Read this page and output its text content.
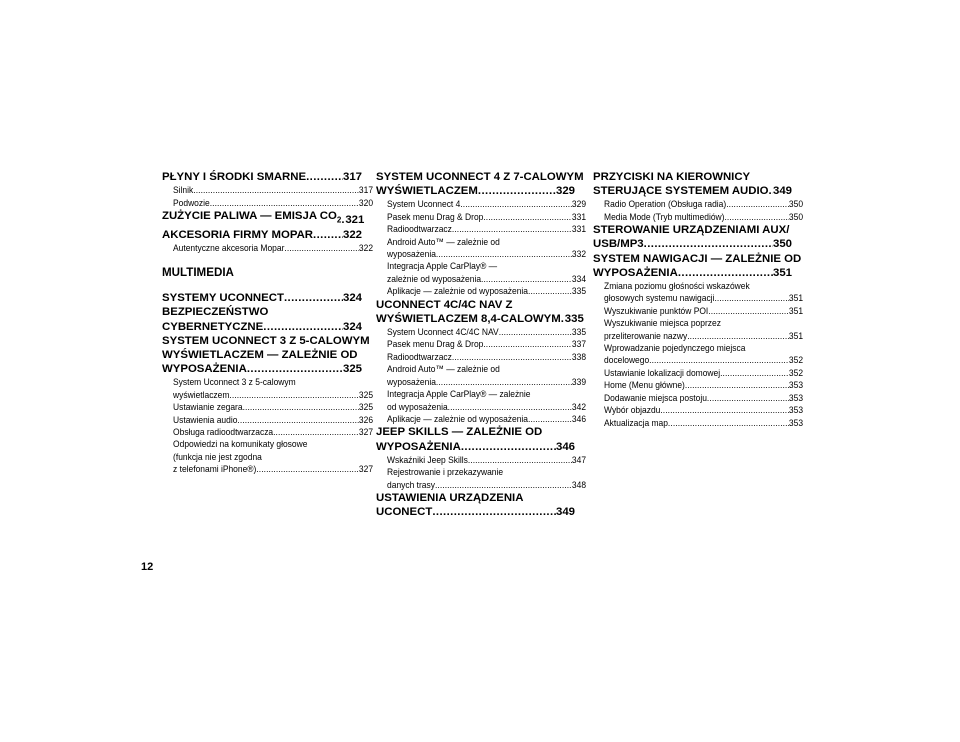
PŁYNY I ŚRODKI SMARNE .....	317
Silnik .....	317
Podwozie .....	320
ZUŻYCIE PALIWA — EMISJA $CO_2$ ..... 321
AKCESORIA FIRMY MOPAR .....	322
Autentyczne akcesoria Mopar .....	322
MULTIMEDIA
SYSTEMY UCONNECT .....	324
BEZPIECZEŃSTWO
CYBERNETYCZNE .....	324
SYSTEM UCONNECT 3 Z 5-CALOWYM
WYŚWIETLACZEM — ZALEŻNIE OD
WYPOSAŻENIA .....	325
System Uconnect 3 z 5-calowym
wyświetlaczem .....	325
Ustawianie zegara .....	325
Ustawienia audio .....	326
Obsługa radioodtwarzacza .....	327
Odpowiedzi na komunikaty głosowe
(funkcja nie jest zgodna
z telefonami iPhone®) .....	327
SYSTEM UCONNECT 4 Z 7-CALOWYM
WYŚWIETLACZEM .....	329
System Uconnect 4 .....	329
Pasek menu Drag & Drop .....	331
Radioodtwarzacz .....	331
Android Auto™ — zależnie od
wyposażenia .....	332
Integracja Apple CarPlay® —
zależnie od wyposażenia .....	334
Aplikacje — zależnie od wyposażenia .....	335
UCONNECT 4C/4C NAV Z
WYŚWIETLACZEM 8,4-CALOWYM ..... 335
System Uconnect 4C/4C NAV .....	335
Pasek menu Drag & Drop .....	337
Radioodtwarzacz .....	338
Android Auto™ — zależnie od
wyposażenia .....	339
Integracja Apple CarPlay® — zależnie
od wyposażenia .....	342
Aplikacje — zależnie od wyposażenia .....	346
JEEP SKILLS — ZALEŻNIE OD
WYPOSAŻENIA .....	346
Wskaźniki Jeep Skills .....	347
Rejestrowanie i przekazywanie
danych trasy .....	348
USTAWIENIA URZĄDZENIA
UCONECT .....	349
PRZYCISKI NA KIEROWNICY
STERUJĄCE SYSTEMEM AUDIO ..... 349
Radio Operation (Obsługa radia) .....	350
Media Mode (Tryb multimediów) .....	350
STEROWANIE URZĄDZENIAMI AUX/
USB/MP3 .....	350
SYSTEM NAWIGACJI — ZALEŻNIE OD
WYPOSAŻENIA .....	351
Zmiana poziomu głośności wskazówek
głosowych systemu nawigacji .....	351
Wyszukiwanie punktów POI .....	351
Wyszukiwanie miejsca poprzez
przeliterowanie nazwy .....	351
Wprowadzanie pojedynczego miejsca
docelowego .....	352
Ustawianie lokalizacji domowej .....	352
Home (Menu główne) .....	353
Dodawanie miejsca postoju .....	353
Wybór objazdu .....	353
Aktualizacja map .....	353
12
